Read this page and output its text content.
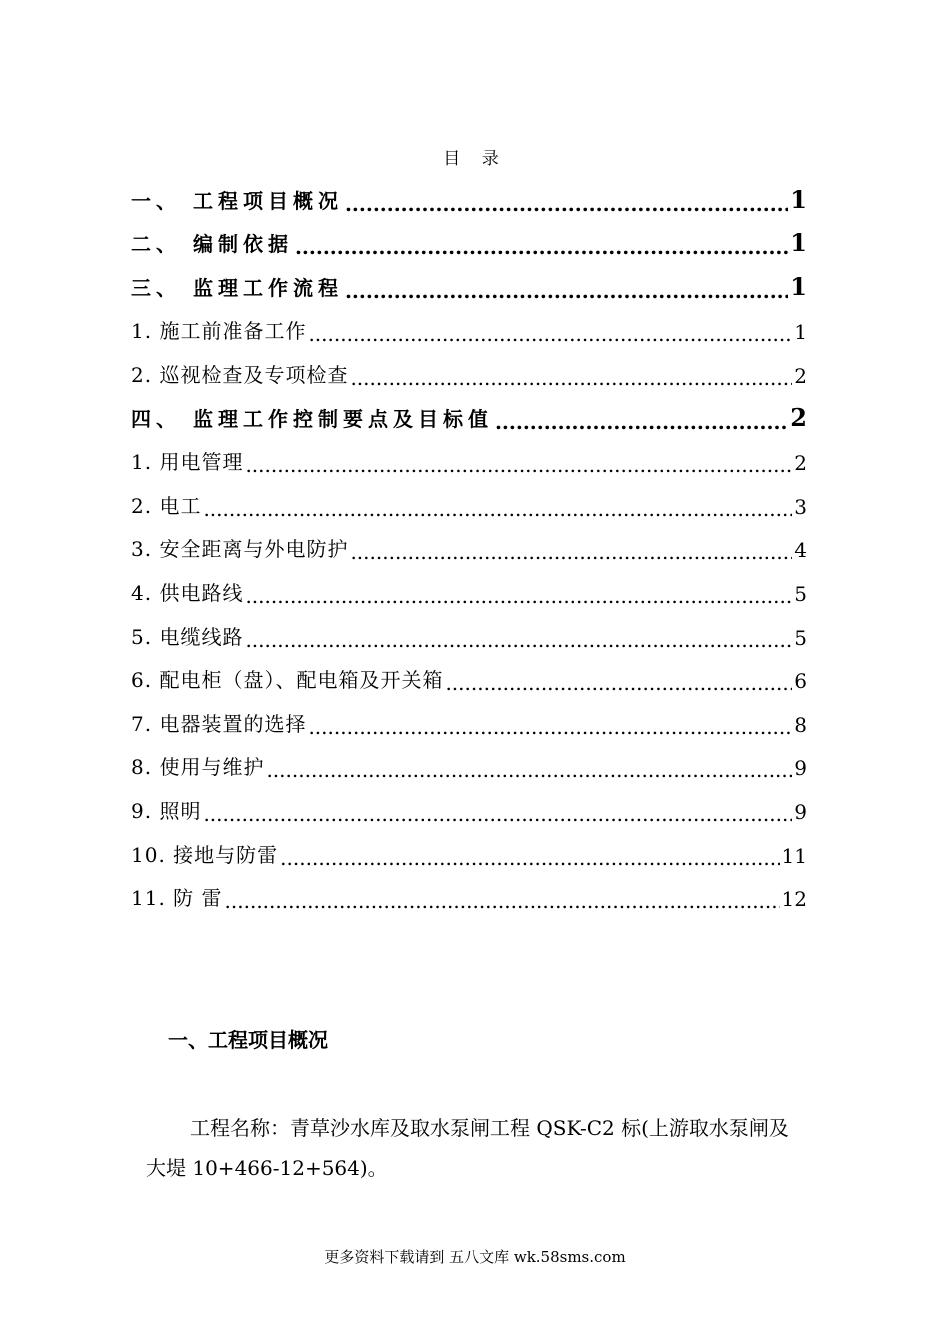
目 录
一、 工程项目概况 .....	1
二、 编制依据 .....	1
三、 监理工作流程 .....	1
1. 施工前准备工作 .....	1
2. 巡视检查及专项检查 .....	2
四、 监理工作控制要点及目标值 .....	2
1. 用电管理 .....	2
2. 电工 .....	3
3. 安全距离与外电防护 .....	4
4. 供电路线 .....	5
5. 电缆线路 .....	5
6. 配电柜（盘）、配电箱及开关箱 .....	6
7. 电器装置的选择 .....	8
8. 使用与维护 .....	9
9. 照明 .....	9
10. 接地与防雷 .....	11
11. 防 雷 .....	12
一、工程项目概况
工程名称：青草沙水库及取水泵闸工程 QSK-C2 标(上游取水泵闸及大堤 10+466-12+564)。
更多资料下载请到 五八文库 wk.58sms.com
